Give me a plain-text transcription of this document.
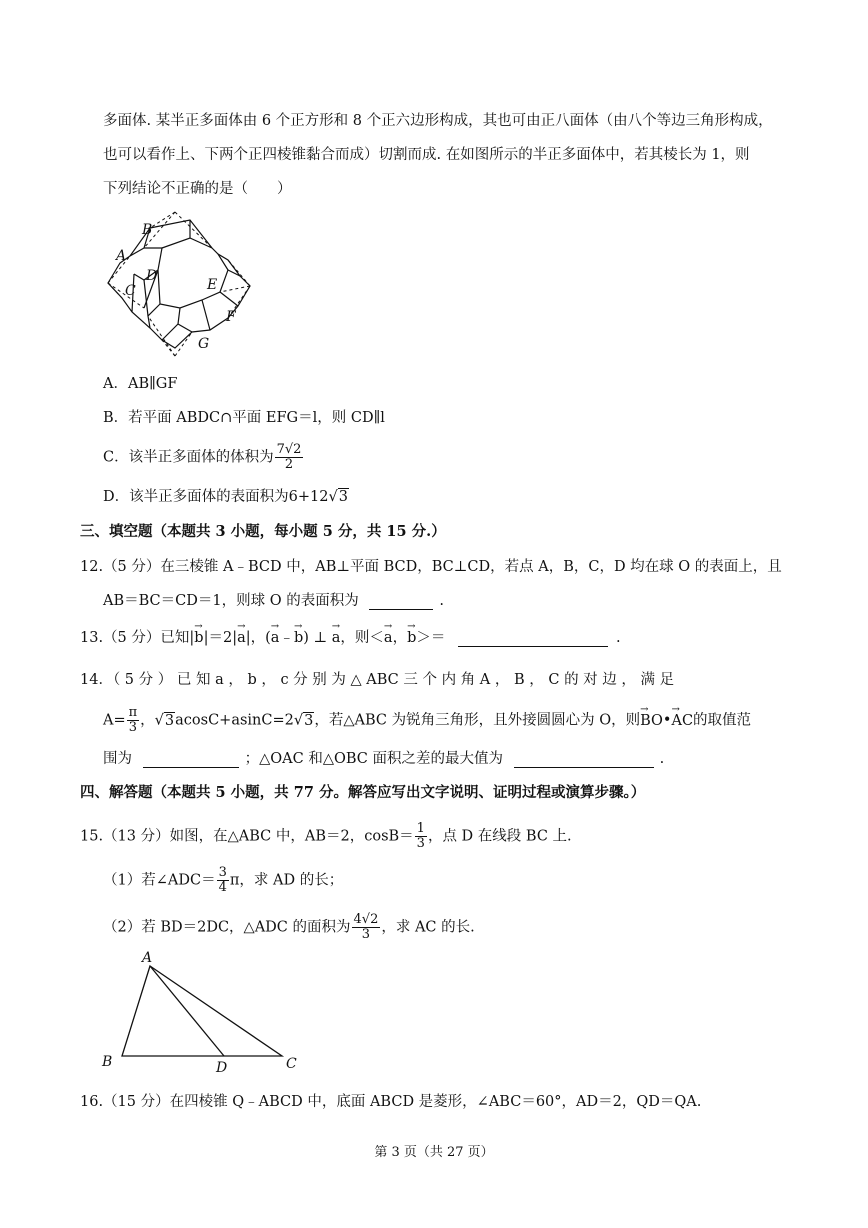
多面体. 某半正多面体由 6 个正方形和 8 个正六边形构成，其也可由正八面体（由八个等边三角形构成，
也可以看作上、下两个正四棱锥黏合而成）切割而成. 在如图所示的半正多面体中，若其棱长为 1，则
下列结论不正确的是（　　）
B
A
D
C	E
F
G
A．AB∥GF
B．若平面 ABDC∩平面 EFG＝l，则 CD∥l
C．该半正多面体的体积为 $\frac{7√2}{2}$
D．该半正多面体的表面积为6+12√3
三、填空题（本题共 3 小题，每小题 5 分，共 15 分.）
12.（5 分）在三棱锥 A﹣BCD 中，AB⊥平面 BCD，BC⊥CD，若点 A，B，C，D 均在球 O 的表面上，且
AB＝BC＝CD＝1，则球 O 的表面积为	.
13.（5 分）已知|→ b|＝2|→ a|，(→ a﹣→ b) ⊥ → a，则＜→ a，→ b＞＝	.
14．（ 5 分 ） 已 知 a ， b ， c 分 别 为 △ ABC 三 个 内 角 A ， B ， C 的 对 边 ， 满 足
$A= \frac{\pi}{3}$ ，√3acosC+asinC=2√3，若△ABC 为锐角三角形，且外接圆圆心为 O，则→ BO•→ AC的取值范
围为	；△OAC 和△OBC 面积之差的最大值为	.
四、解答题（本题共 5 小题，共 77 分。解答应写出文字说明、证明过程或演算步骤。）
15.（13 分）如图，在△ABC 中，AB＝2，$\cos B= \frac{1}{3}$ ，点 D 在线段 BC 上.
（1）若∠ADC＝ $\frac{3}{4}$ π，求 AD 的长；
（2）若 BD＝2DC，△ADC 的面积为 $\frac{4√2}{3}$ ，求 AC 的长.
A
B	C
D
16.（15 分）在四棱锥 Q﹣ABCD 中，底面 ABCD 是菱形，∠ABC＝60°，AD＝2，QD＝QA.
第 3 页（共 27 页）
